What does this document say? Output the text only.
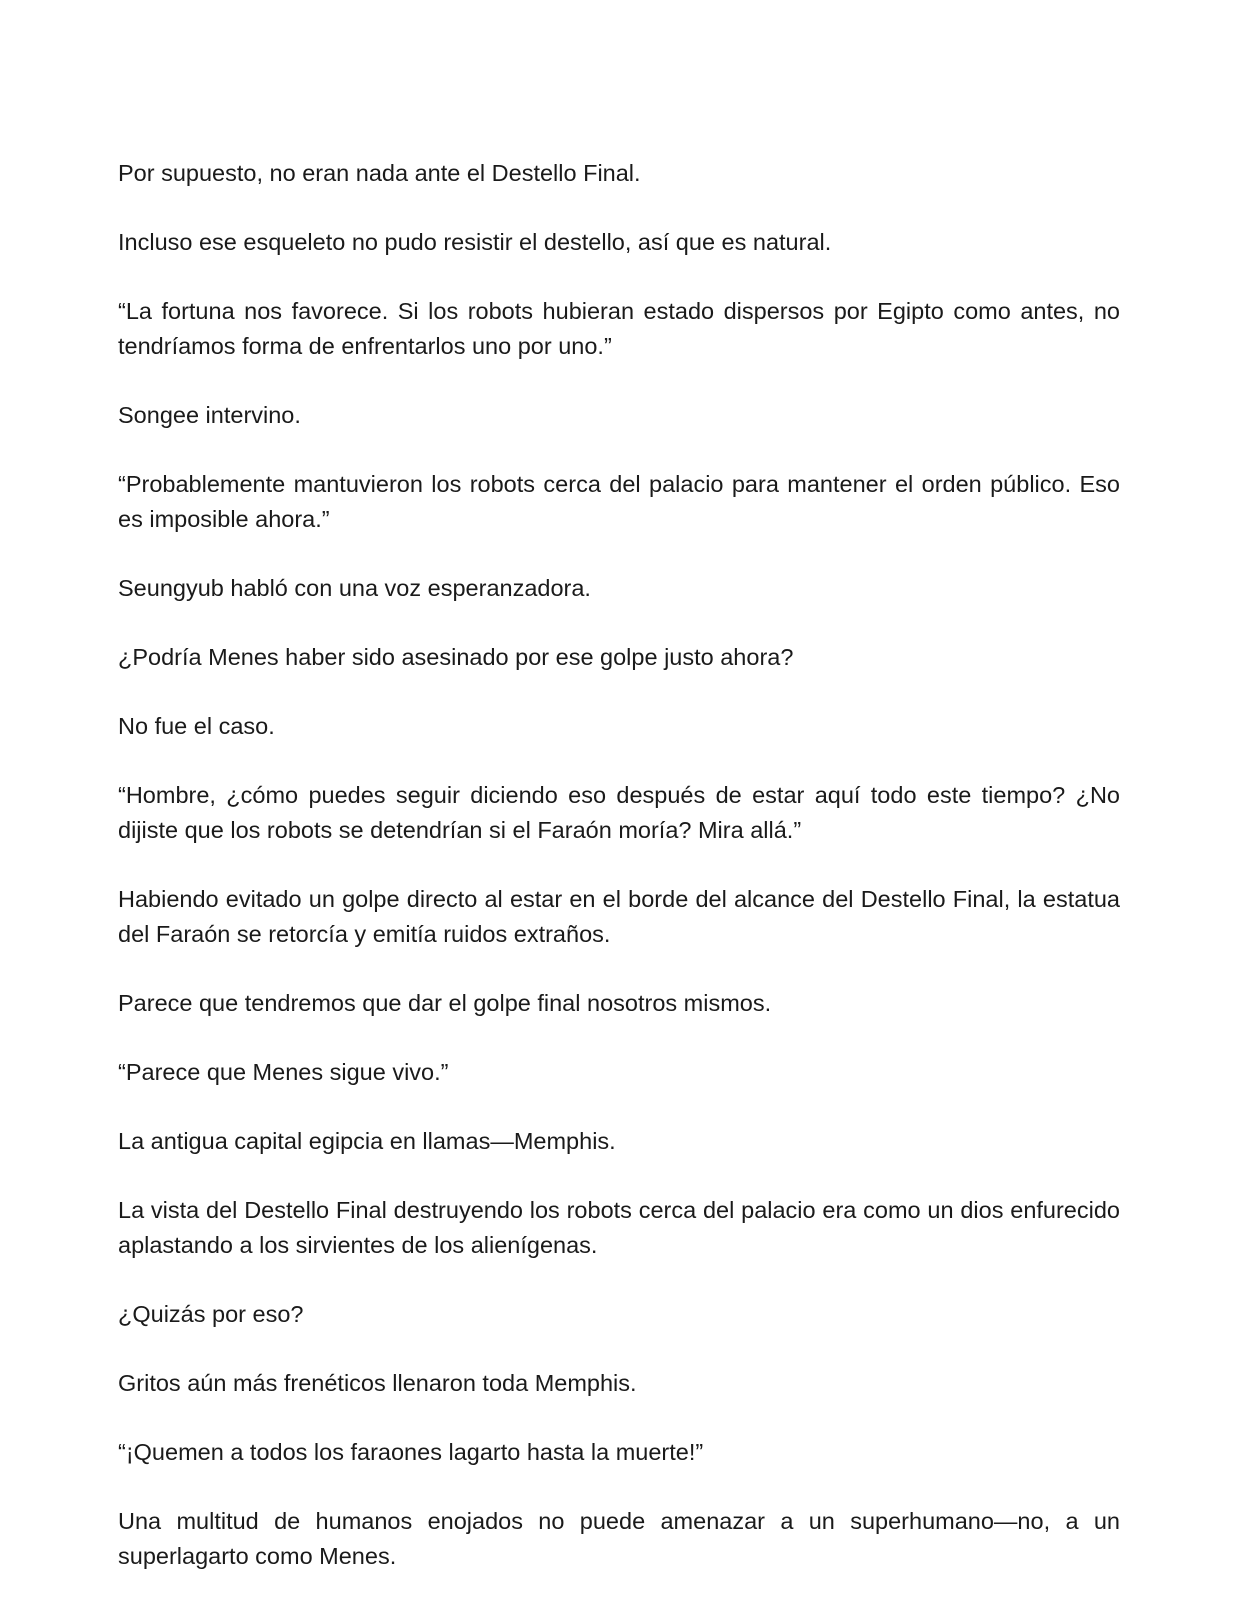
Por supuesto, no eran nada ante el Destello Final.

Incluso ese esqueleto no pudo resistir el destello, así que es natural.

“La fortuna nos favorece. Si los robots hubieran estado dispersos por Egipto como antes, no tendríamos forma de enfrentarlos uno por uno.”

Songee intervino.

“Probablemente mantuvieron los robots cerca del palacio para mantener el orden público. Eso es imposible ahora.”

Seungyub habló con una voz esperanzadora.

¿Podría Menes haber sido asesinado por ese golpe justo ahora?

No fue el caso.

“Hombre, ¿cómo puedes seguir diciendo eso después de estar aquí todo este tiempo? ¿No dijiste que los robots se detendrían si el Faraón moría? Mira allá.”

Habiendo evitado un golpe directo al estar en el borde del alcance del Destello Final, la estatua del Faraón se retorcía y emitía ruidos extraños.

Parece que tendremos que dar el golpe final nosotros mismos.

“Parece que Menes sigue vivo.”

La antigua capital egipcia en llamas—Memphis.

La vista del Destello Final destruyendo los robots cerca del palacio era como un dios enfurecido aplastando a los sirvientes de los alienígenas.

¿Quizás por eso?

Gritos aún más frenéticos llenaron toda Memphis.

“¡Quemen a todos los faraones lagarto hasta la muerte!”

Una multitud de humanos enojados no puede amenazar a un superhumano—no, a un superlagarto como Menes.
